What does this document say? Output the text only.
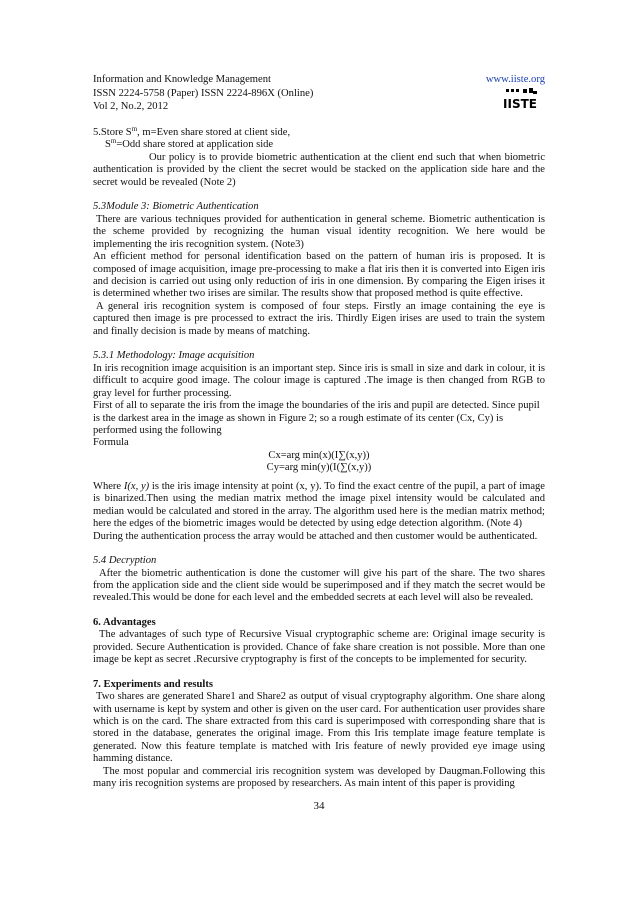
Information and Knowledge Management
ISSN 2224-5758 (Paper) ISSN 2224-896X (Online)
Vol 2, No.2, 2012
www.iiste.org
IISTE

5.Store $S^m$, m=Even share stored at client side,

$S^m=Odd$ share stored at application side

Our policy is to provide biometric authentication at the client end such that when biometric authentication is provided by the client the secret would be stacked on the application side hare and the secret would be revealed (Note 2)

5.3Module 3: Biometric Authentication

There are various techniques provided for authentication in general scheme. Biometric authentication is the scheme provided by recognizing the human visual identity recognition. We here would be implementing the iris recognition system. (Note3)

An efficient method for personal identification based on the pattern of human iris is proposed. It is composed of image acquisition, image pre-processing to make a flat iris then it is converted into Eigen iris and decision is carried out using only reduction of iris in one dimension. By comparing the Eigen irises it is determined whether two irises are similar. The results show that proposed method is quite effective.

A general iris recognition system is composed of four steps. Firstly an image containing the eye is captured then image is pre processed to extract the iris. Thirdly Eigen irises are used to train the system and finally decision is made by means of matching.

5.3.1 Methodology: Image acquisition

In iris recognition image acquisition is an important step. Since iris is small in size and dark in colour, it is difficult to acquire good image. The colour image is captured .The image is then changed from RGB to gray level for further processing.

First of all to separate the iris from the image the boundaries of the iris and pupil are detected. Since pupil

is the darkest area in the image as shown in Figure 2; so a rough estimate of its center (Cx, Cy) is

performed using the following

Formula

Cx=arg min(x)(I∑(x,y))

Cy=arg min(y)(I(∑(x,y))

Where I(x, y) is the iris image intensity at point (x, y). To find the exact centre of the pupil, a part of image is binarized.Then using the median matrix method the image pixel intensity would be calculated and median would be calculated and stored in the array. The algorithm used here is the median matrix method; here the edges of the biometric images would be detected by using edge detection algorithm. (Note 4)

During the authentication process the array would be attached and then customer would be authenticated.

5.4 Decryption

After the biometric authentication is done the customer will give his part of the share. The two shares from the application side and the client side would be superimposed and if they match the secret would be revealed.This would be done for each level and the embedded secrets at each level will also be revealed.

6. Advantages

The advantages of such type of Recursive Visual cryptographic scheme are: Original image security is provided. Secure Authentication is provided. Chance of fake share creation is not possible. More than one image be kept as secret .Recursive cryptography is first of the concepts to be implemented for security.

7. Experiments and results

Two shares are generated Share1 and Share2 as output of visual cryptography algorithm. One share along with username is kept by system and other is given on the user card. For authentication user provides share which is on the card. The share extracted from this card is superimposed with corresponding share that is stored in the database, generates the original image. From this Iris template image feature template is generated. Now this feature template is matched with Iris feature of newly provided eye image using hamming distance.

The most popular and commercial iris recognition system was developed by Daugman.Following this many iris recognition systems are proposed by researchers. As main intent of this paper is providing

34
